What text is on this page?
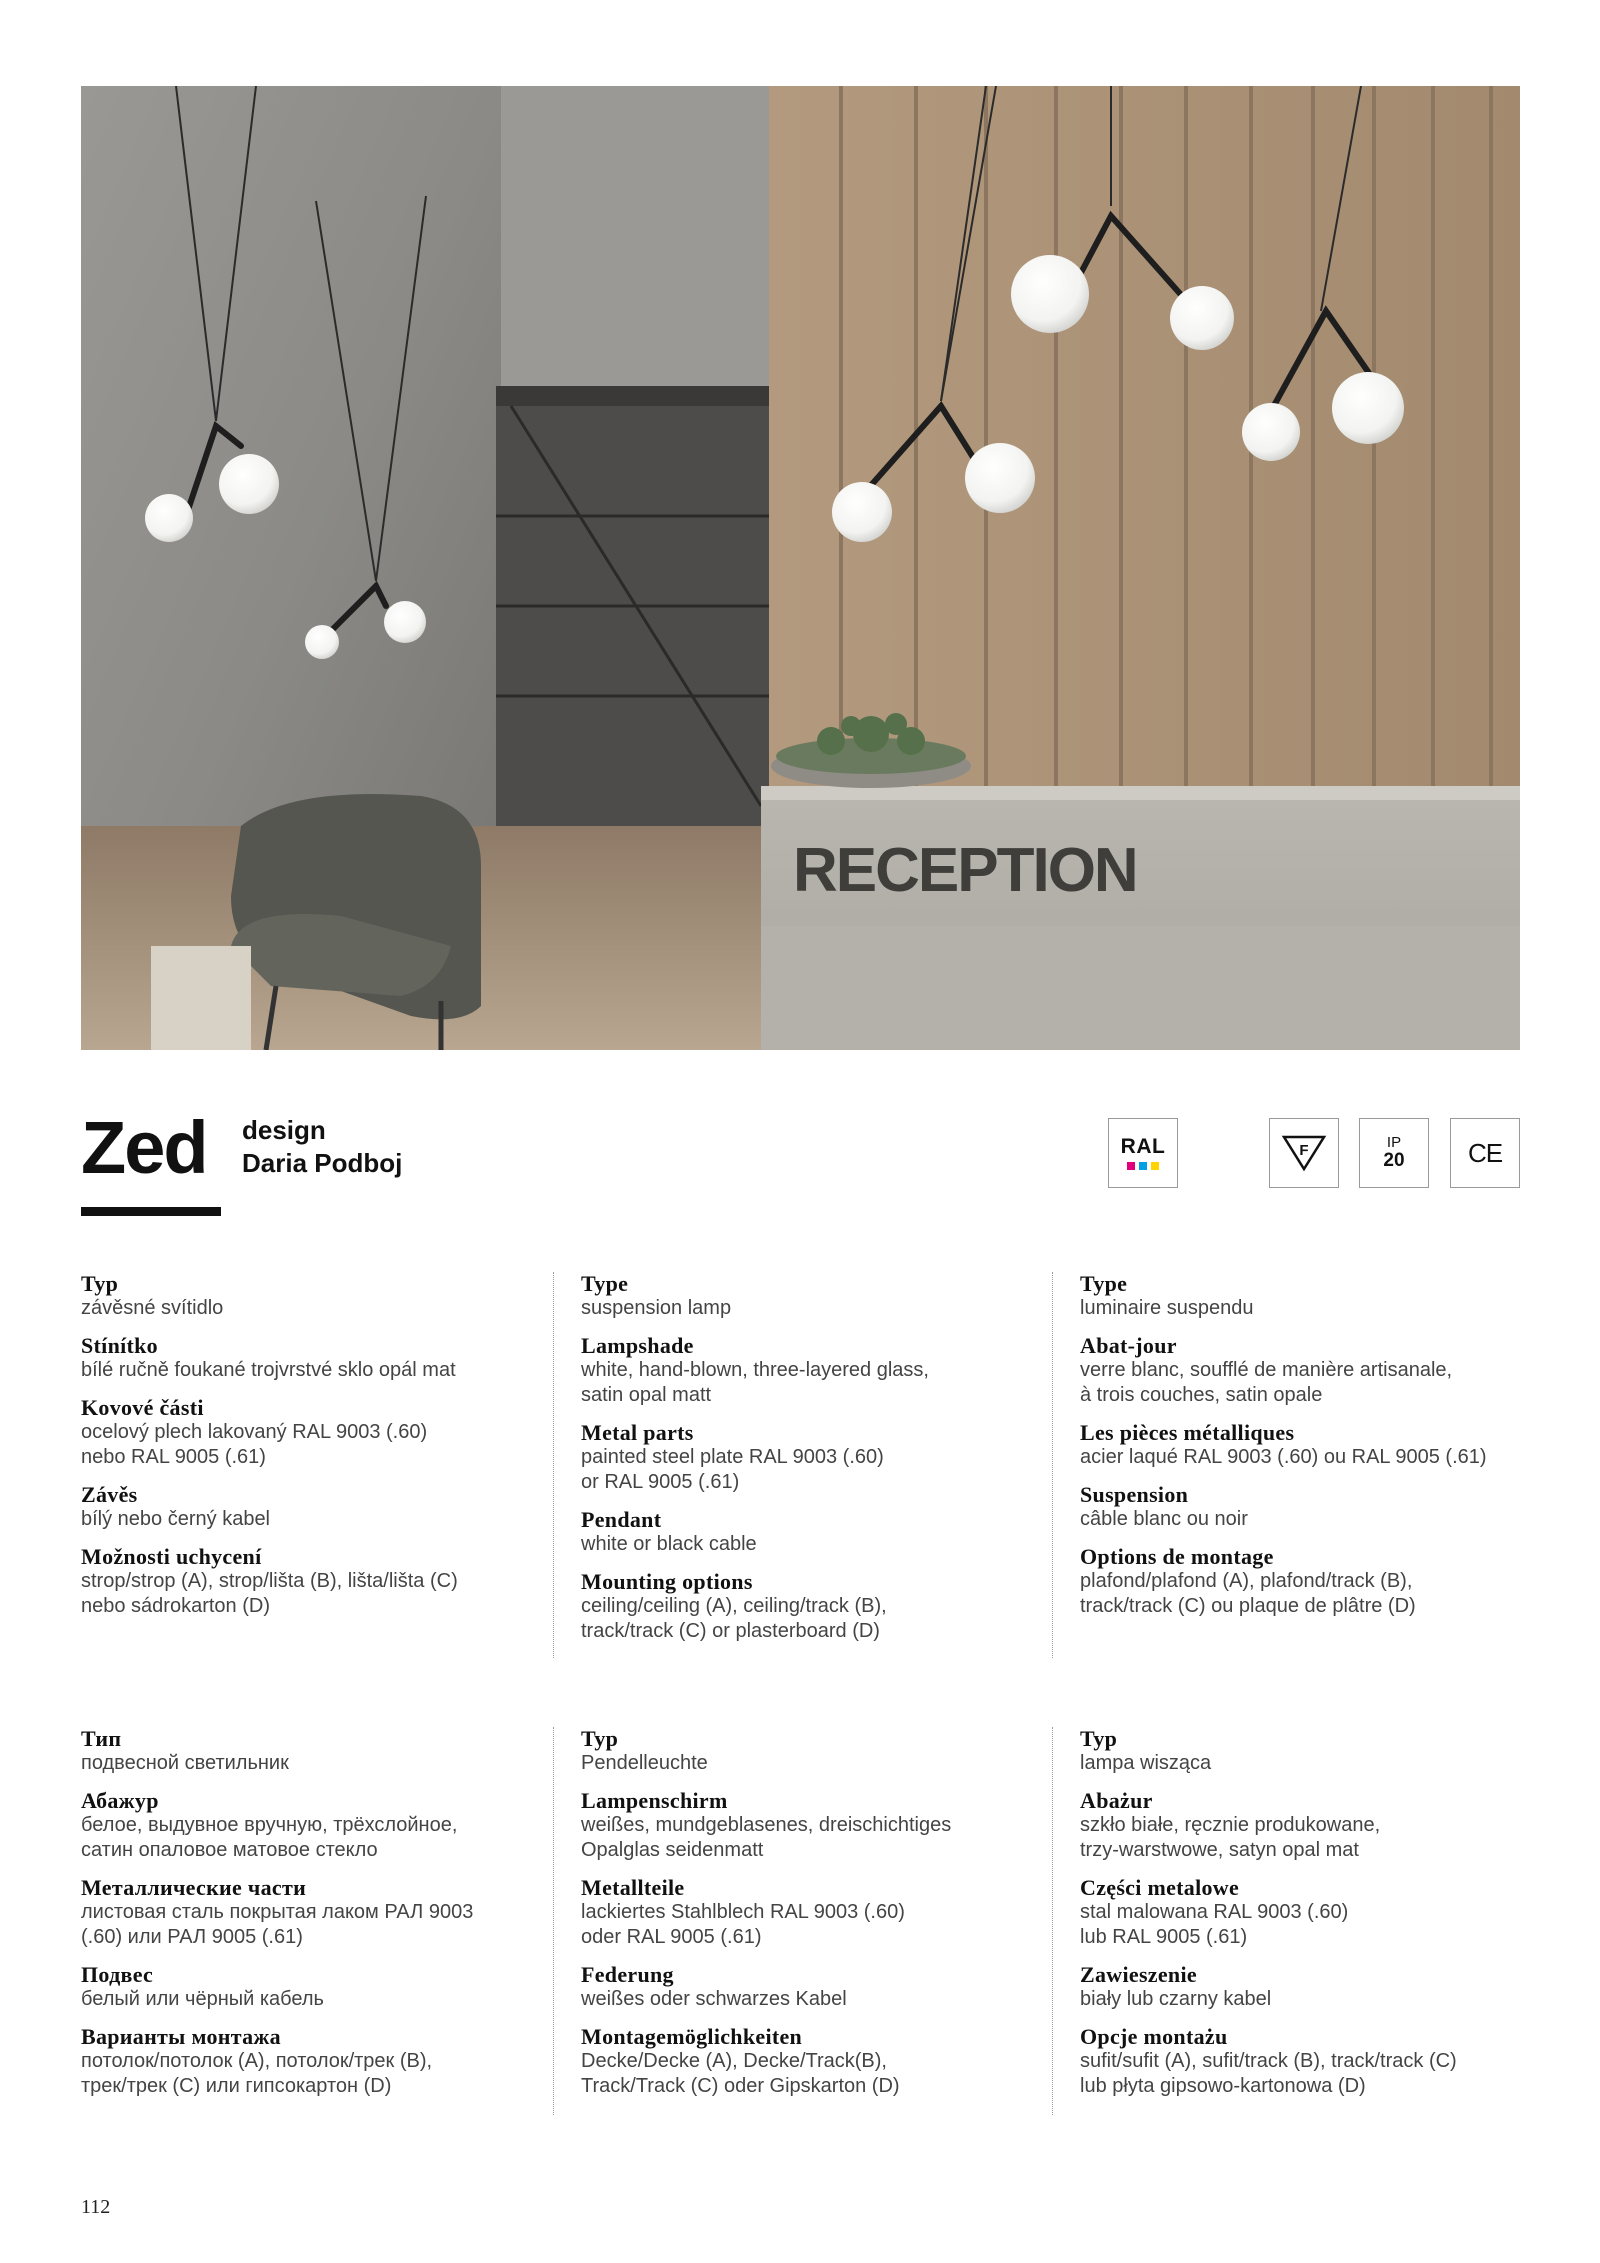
RECEPTION
Zed design
Daria Podboj
RAL	F	IP
20 CE
Typ
závěsné svítidlo
Stínítko
bílé ručně foukané trojvrstvé sklo opál mat
Kovové části
ocelový plech lakovaný RAL 9003 (.60)
nebo RAL 9005 (.61)
Závěs
bílý nebo černý kabel
Možnosti uchycení
strop/strop (A), strop/lišta (B), lišta/lišta (C)
nebo sádrokarton (D)
Type
suspension lamp
Lampshade
white, hand-blown, three-layered glass,
satin opal matt
Metal parts
painted steel plate RAL 9003 (.60)
or RAL 9005 (.61)
Pendant
white or black cable
Mounting options
ceiling/ceiling (A), ceiling/track (B),
track/track (C) or plasterboard (D)
Type
luminaire suspendu
Abat-jour
verre blanc, soufflé de manière artisanale,
à trois couches, satin opale
Les pièces métalliques
acier laqué RAL 9003 (.60) ou RAL 9005 (.61)
Suspension
câble blanc ou noir
Options de montage
plafond/plafond (A), plafond/track (B),
track/track (C) ou plaque de plâtre (D)
Тип
подвесной светильник
Абажур
белое, выдувное вручную, трёхслойное,
сатин опаловое матовое стекло
Металлические части
листовая сталь покрытая лаком РАЛ 9003
(.60) или РАЛ 9005 (.61)
Подвес
белый или чёрный кабель
Варианты монтажа
потолок/потолок (A), потолок/трек (B),
трек/трек (C) или гипсокартон (D)
Typ
Pendelleuchte
Lampenschirm
weißes, mundgeblasenes, dreischichtiges
Opalglas seidenmatt
Metallteile
lackiertes Stahlblech RAL 9003 (.60)
oder RAL 9005 (.61)
Federung
weißes oder schwarzes Kabel
Montagemöglichkeiten
Decke/Decke (A), Decke/Track(B),
Track/Track (C) oder Gipskarton (D)
Typ
lampa wisząca
Abażur
szkło białe, ręcznie produkowane,
trzy-warstwowe, satyn opal mat
Części metalowe
stal malowana RAL 9003 (.60)
lub RAL 9005 (.61)
Zawieszenie
biały lub czarny kabel
Opcje montażu
sufit/sufit (A), sufit/track (B), track/track (C)
lub płyta gipsowo-kartonowa (D)
112
